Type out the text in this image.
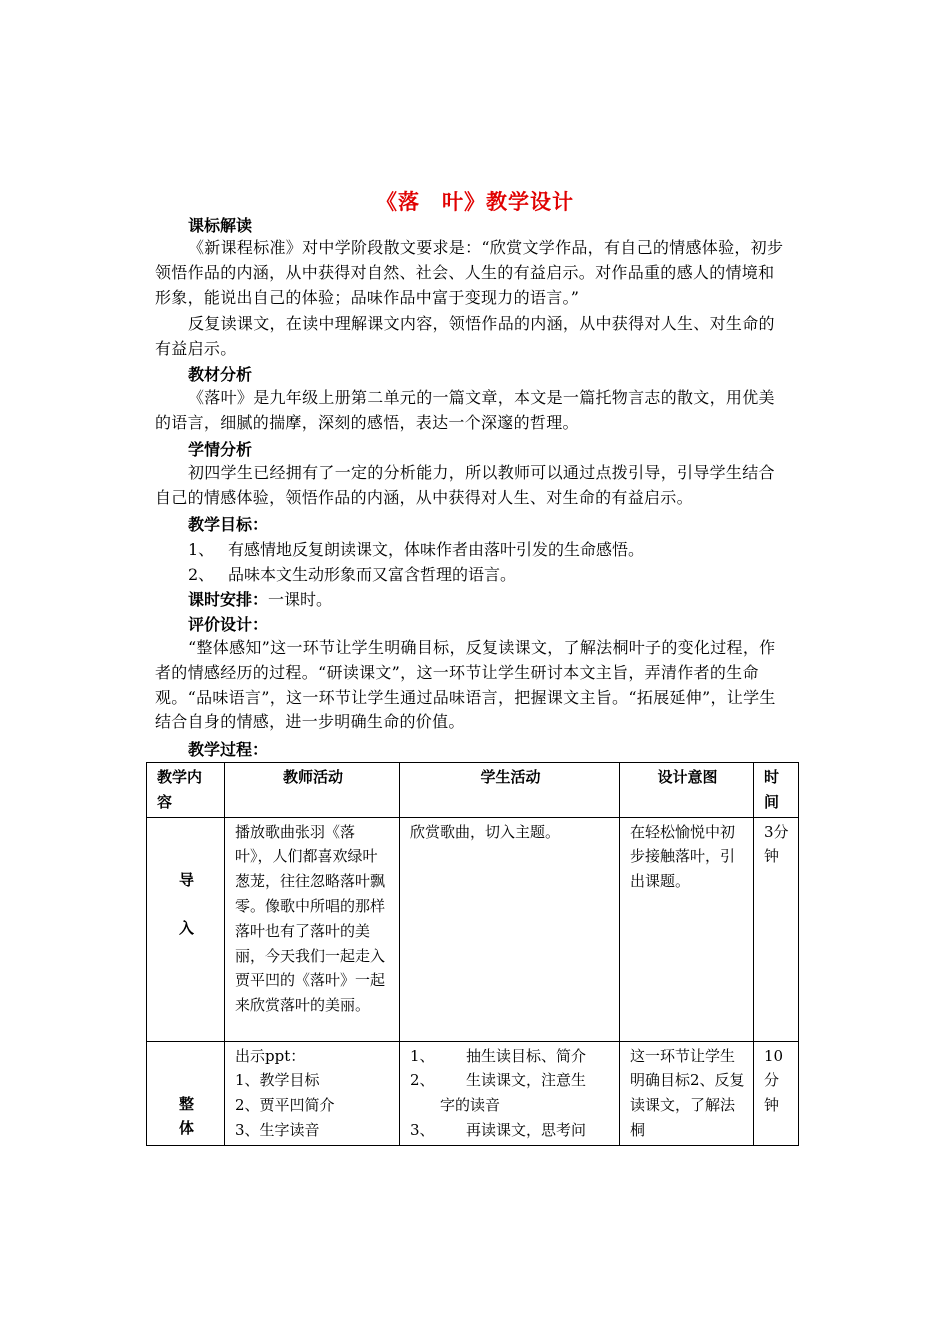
《落　叶》教学设计
课标解读
《新课程标准》对中学阶段散文要求是：“欣赏文学作品，有自己的情感体验，初步领悟作品的内涵，从中获得对自然、社会、人生的有益启示。对作品重的感人的情境和形象，能说出自己的体验；品味作品中富于变现力的语言。”
反复读课文，在读中理解课文内容，领悟作品的内涵，从中获得对人生、对生命的有益启示。
教材分析
《落叶》是九年级上册第二单元的一篇文章，本文是一篇托物言志的散文，用优美的语言，细腻的揣摩，深刻的感悟，表达一个深邃的哲理。
学情分析
初四学生已经拥有了一定的分析能力，所以教师可以通过点拨引导，引导学生结合自己的情感体验，领悟作品的内涵，从中获得对人生、对生命的有益启示。
教学目标：
1、 有感情地反复朗读课文，体味作者由落叶引发的生命感悟。
2、 品味本文生动形象而又富含哲理的语言。
课时安排：一课时。
评价设计：
“整体感知”这一环节让学生明确目标，反复读课文，了解法桐叶子的变化过程，作者的情感经历的过程。“研读课文”，这一环节让学生研讨本文主旨，弄清作者的生命观。“品味语言”，这一环节让学生通过品味语言，把握课文主旨。“拓展延伸”，让学生结合自身的情感，进一步明确生命的价值。
教学过程：
教学内容	教师活动	学生活动	设计意图	时间

导
入	播放歌曲张羽《落叶》，人们都喜欢绿叶葱茏，往往忽略落叶飘零。像歌中所唱的那样落叶也有了落叶的美丽，今天我们一起走入贾平凹的《落叶》一起来欣赏落叶的美丽。	欣赏歌曲，切入主题。	在轻松愉悦中初步接触落叶，引出课题。	3分钟

整
体	出示ppt：
1、教学目标
2、贾平凹简介
3、生字读音	1、 抽生读目标、简介
2、 生读课文，注意生
字的读音
3、 再读课文，思考问	这一环节让学生明确目标2、反复读课文，了解法桐	10分钟
